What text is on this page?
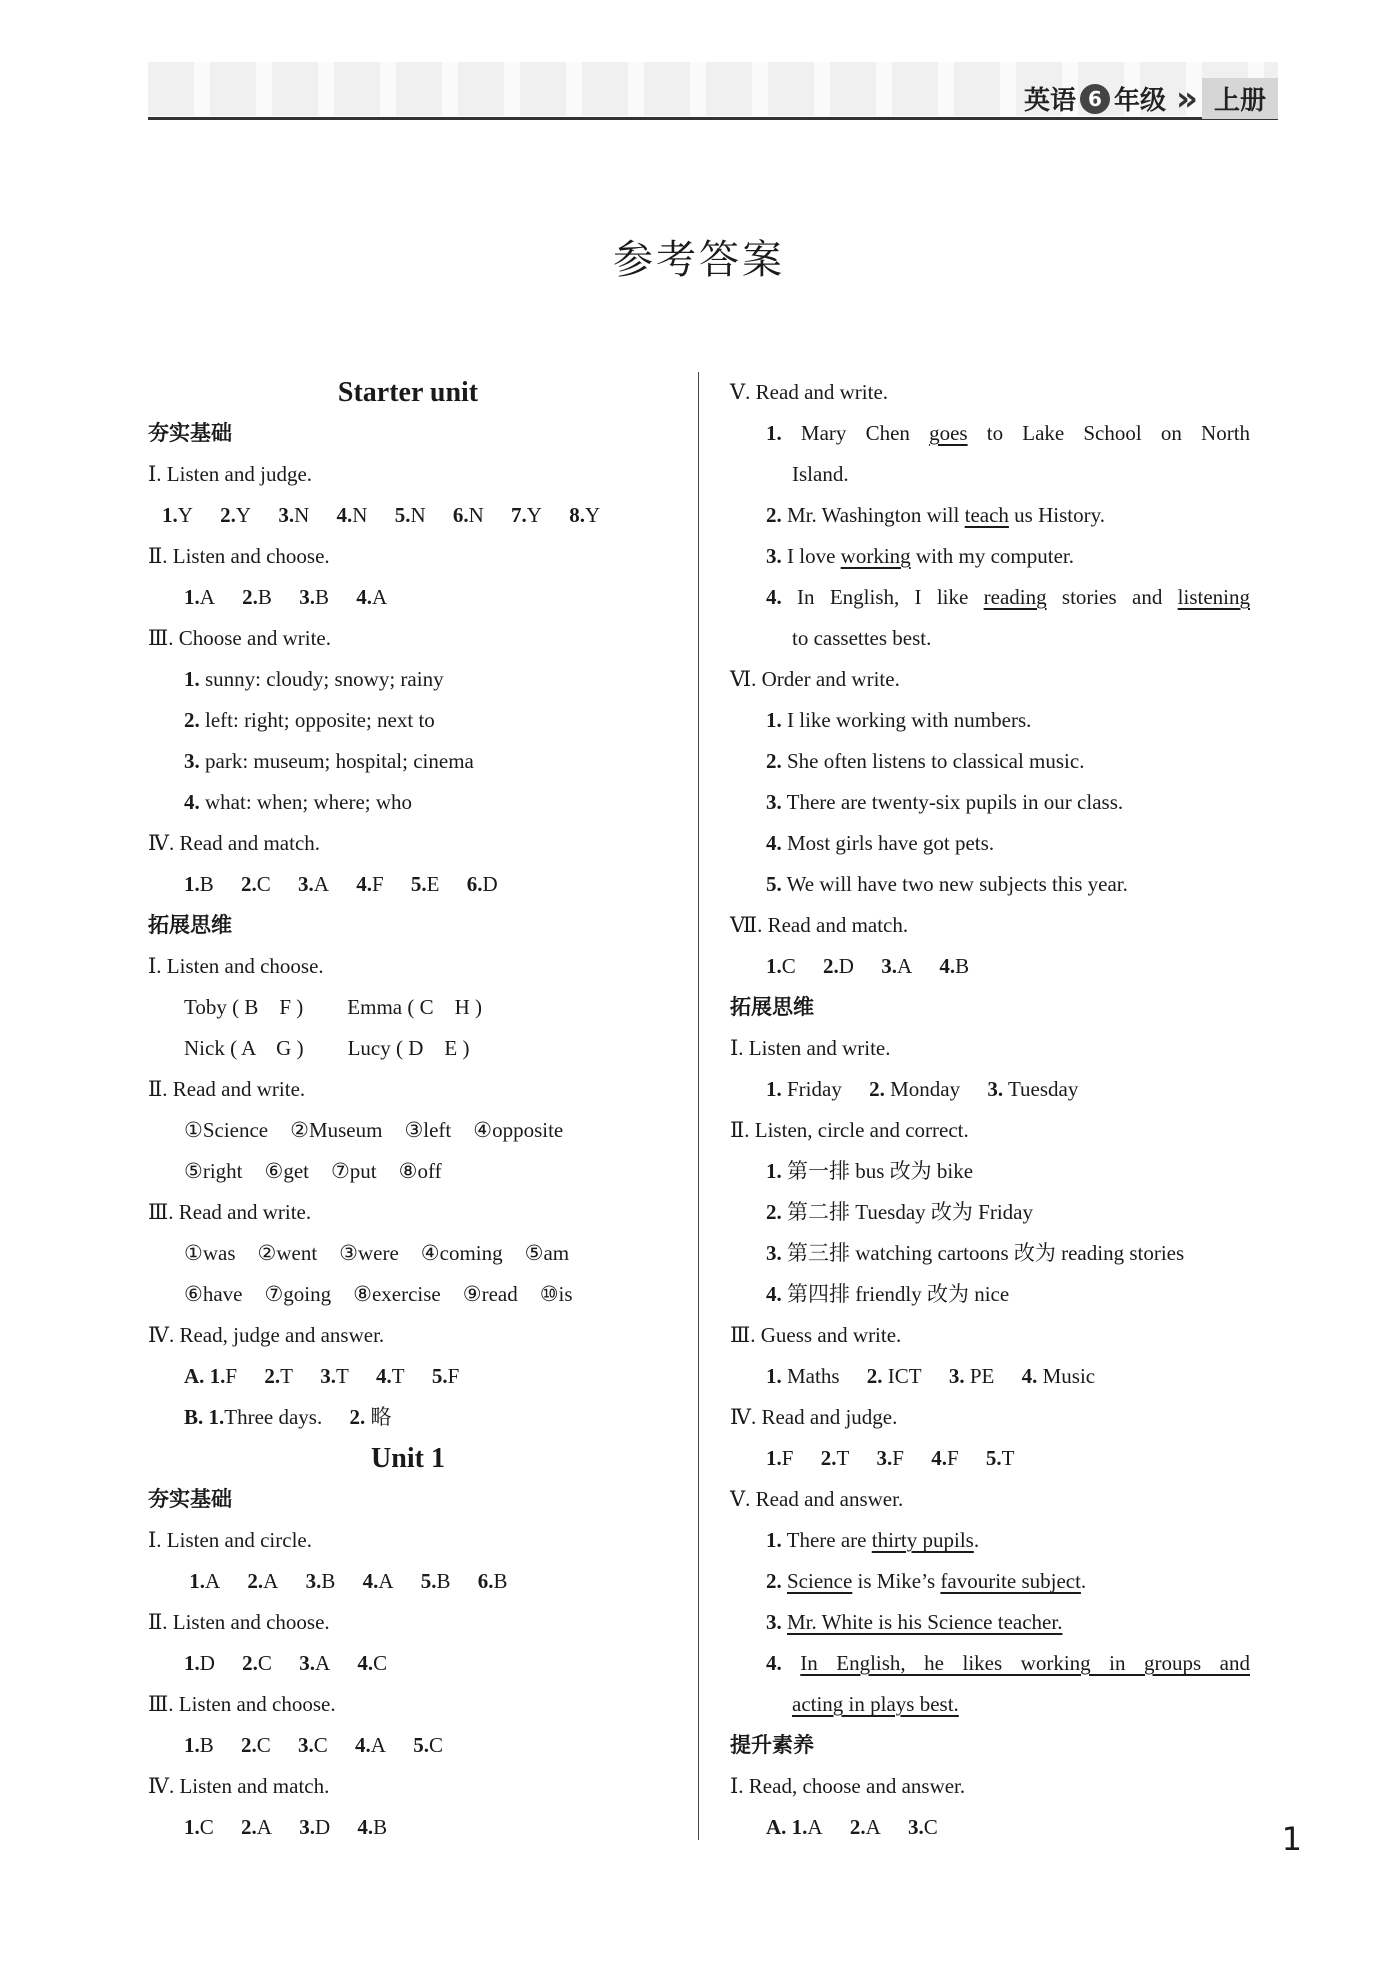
英语 6 年级 »	上册
参考答案
Starter unit
夯实基础
Ⅰ. Listen and judge.
1.Y 2.Y 3.N 4.N 5.N 6.N 7.Y 8.Y
Ⅱ. Listen and choose.
1.A 2.B 3.B 4.A
Ⅲ. Choose and write.
1. sunny: cloudy; snowy; rainy
2. left: right; opposite; next to
3. park: museum; hospital; cinema
4. what: when; where; who
Ⅳ. Read and match.
1.B 2.C 3.A 4.F 5.E 6.D
拓展思维
Ⅰ. Listen and choose.
Toby ( B　F ) Emma ( C　H )
Nick ( A　G ) Lucy ( D　E )
Ⅱ. Read and write.
①Science ②Museum ③left ④opposite
⑤right ⑥get ⑦put ⑧off
Ⅲ. Read and write.
①was ②went ③were ④coming ⑤am
⑥have ⑦going ⑧exercise ⑨read ⑩is
Ⅳ. Read, judge and answer.
A. 1.F 2.T 3.T 4.T 5.F
B. 1.Three days. 2. 略
Unit 1
夯实基础
Ⅰ. Listen and circle.
1.A 2.A 3.B 4.A 5.B 6.B
Ⅱ. Listen and choose.
1.D 2.C 3.A 4.C
Ⅲ. Listen and choose.
1.B 2.C 3.C 4.A 5.C
Ⅳ. Listen and match.
1.C 2.A 3.D 4.B
Ⅴ. Read and write.
1. Mary Chen goes to Lake School on North
Island.
2. Mr. Washington will teach us History.
3. I love working with my computer.
4. In English, I like reading stories and listening
to cassettes best.
Ⅵ. Order and write.
1. I like working with numbers.
2. She often listens to classical music.
3. There are twenty-six pupils in our class.
4. Most girls have got pets.
5. We will have two new subjects this year.
Ⅶ. Read and match.
1.C 2.D 3.A 4.B
拓展思维
Ⅰ. Listen and write.
1. Friday 2. Monday 3. Tuesday
Ⅱ. Listen, circle and correct.
1. 第一排 bus 改为 bike
2. 第二排 Tuesday 改为 Friday
3. 第三排 watching cartoons 改为 reading stories
4. 第四排 friendly 改为 nice
Ⅲ. Guess and write.
1. Maths 2. ICT 3. PE 4. Music
Ⅳ. Read and judge.
1.F 2.T 3.F 4.F 5.T
Ⅴ. Read and answer.
1. There are thirty pupils.
2. Science is Mike’s favourite subject.
3. Mr. White is his Science teacher.
4. In English, he likes working in groups and
acting in plays best.
提升素养
Ⅰ. Read, choose and answer.
A. 1.A 2.A 3.C	1
